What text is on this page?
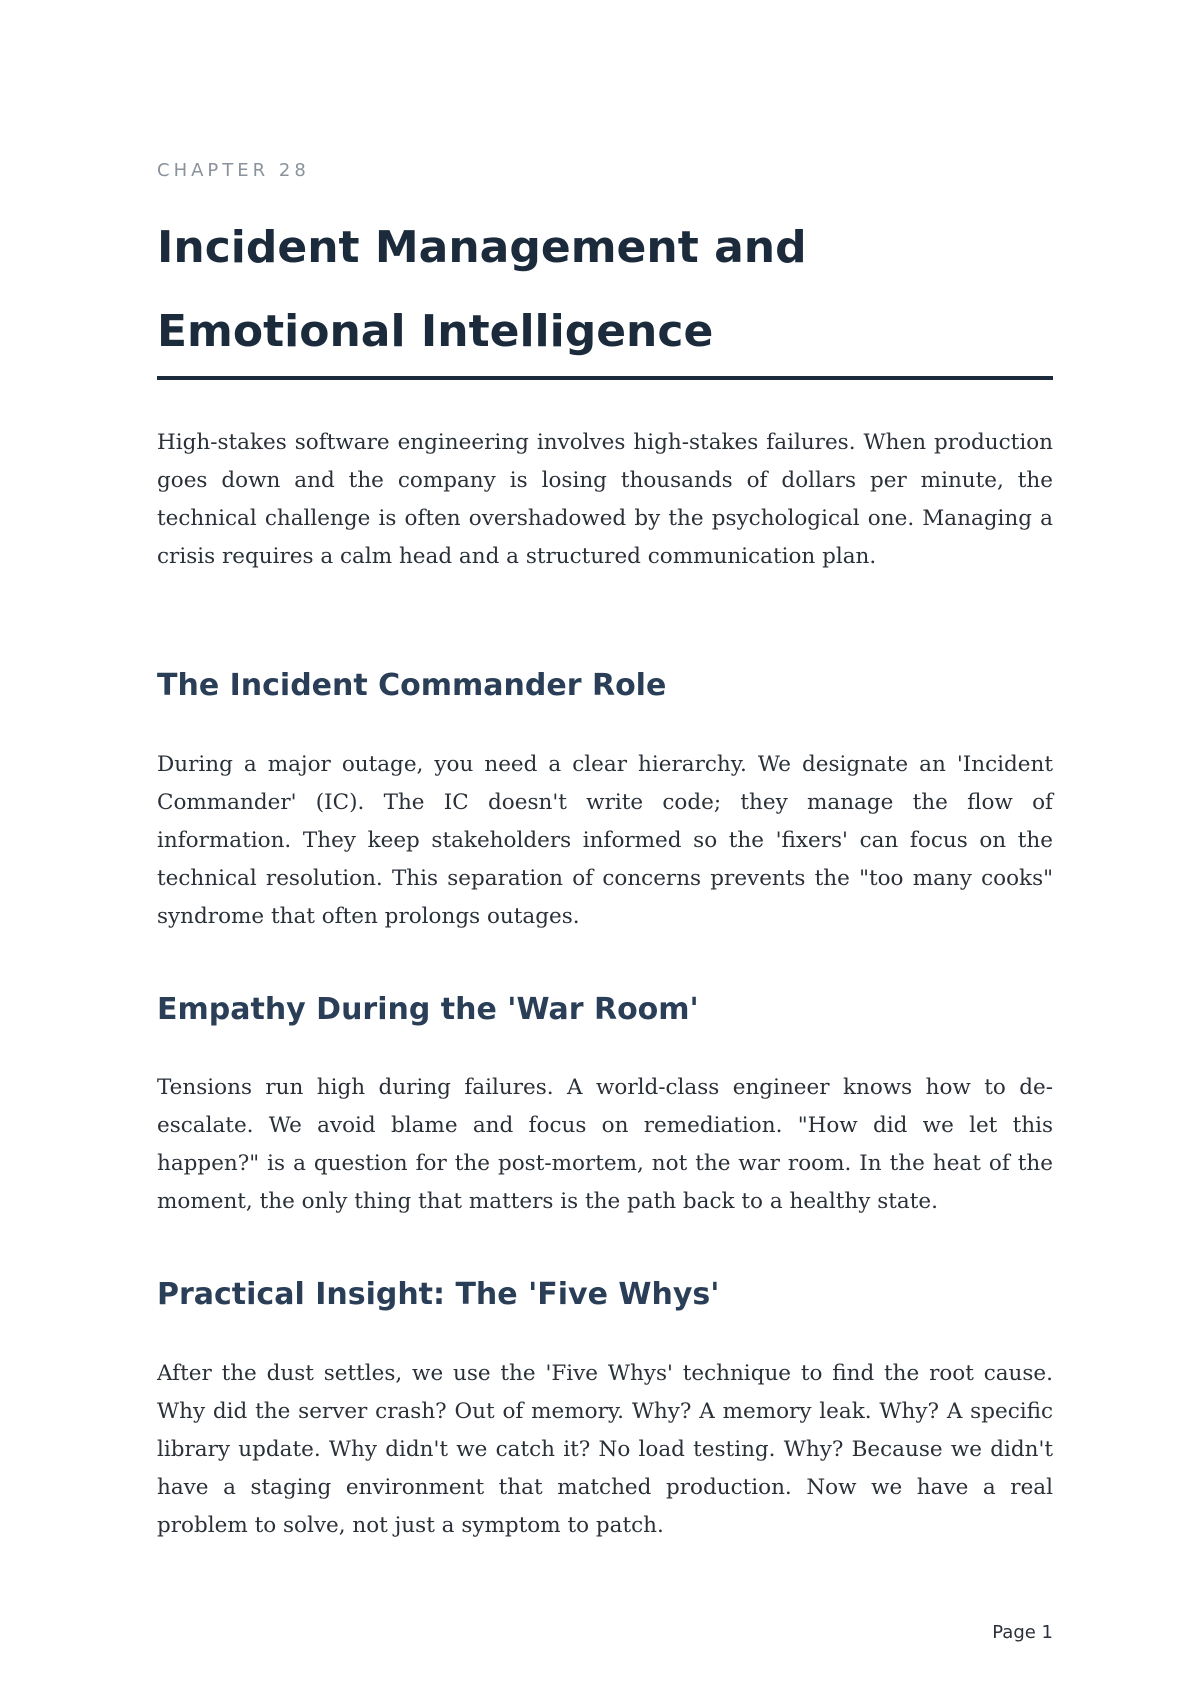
CHAPTER 28
Incident Management and Emotional Intelligence

High-stakes software engineering involves high-stakes failures. When production goes down and the company is losing thousands of dollars per minute, the technical challenge is often overshadowed by the psychological one. Managing a crisis requires a calm head and a structured communication plan.

The Incident Commander Role

During a major outage, you need a clear hierarchy. We designate an 'Incident Commander' (IC). The IC doesn't write code; they manage the flow of information. They keep stakeholders informed so the 'fixers' can focus on the technical resolution. This separation of concerns prevents the "too many cooks" syndrome that often prolongs outages.

Empathy During the 'War Room'

Tensions run high during failures. A world-class engineer knows how to de-escalate. We avoid blame and focus on remediation. "How did we let this happen?" is a question for the post-mortem, not the war room. In the heat of the moment, the only thing that matters is the path back to a healthy state.

Practical Insight: The 'Five Whys'

After the dust settles, we use the 'Five Whys' technique to find the root cause. Why did the server crash? Out of memory. Why? A memory leak. Why? A specific library update. Why didn't we catch it? No load testing. Why? Because we didn't have a staging environment that matched production. Now we have a real problem to solve, not just a symptom to patch.

Page 1
